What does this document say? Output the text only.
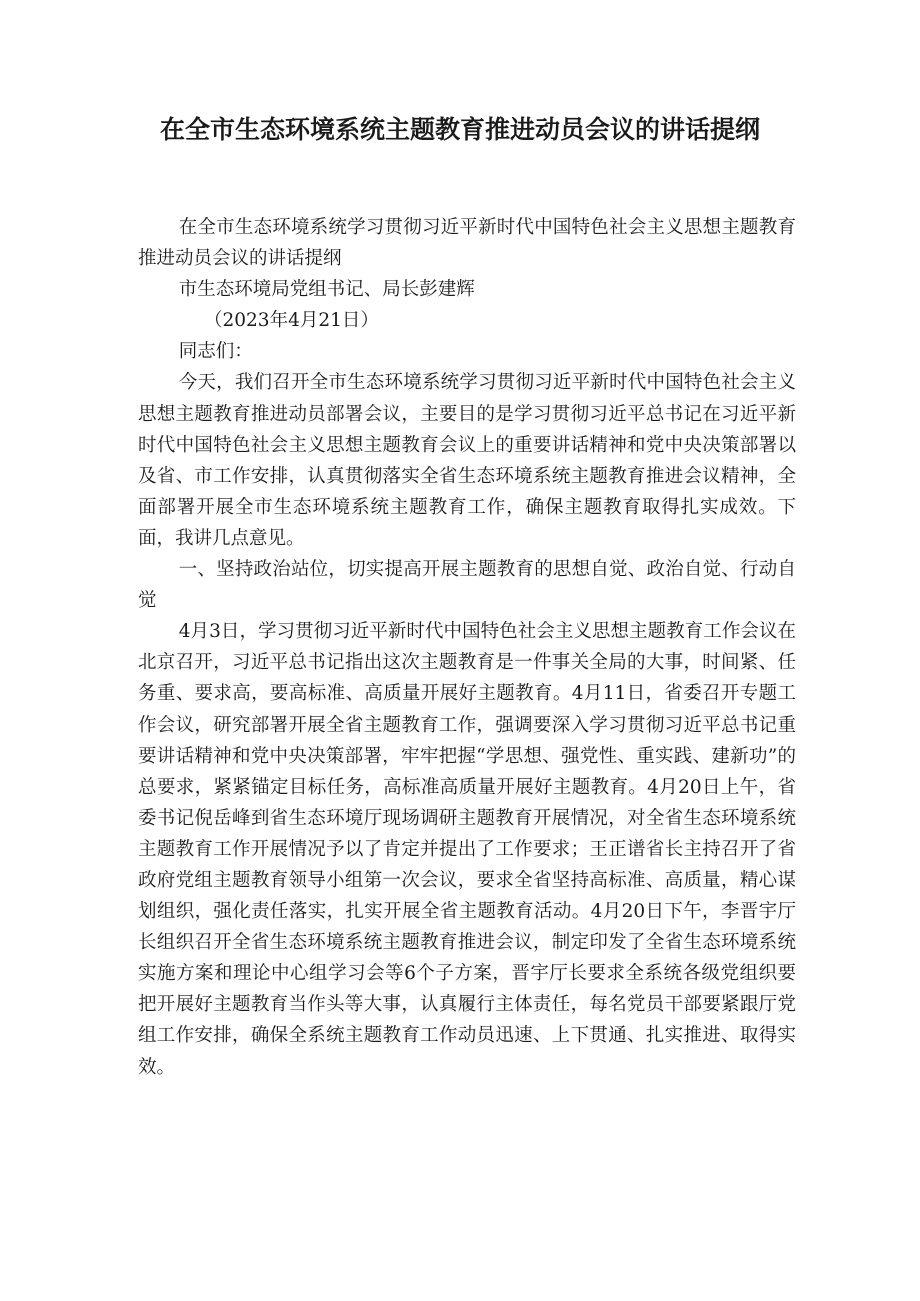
在全市生态环境系统主题教育推进动员会议的讲话提纲

在全市生态环境系统学习贯彻习近平新时代中国特色社会主义思想主题教育推进动员会议的讲话提纲

市生态环境局党组书记、局长彭建辉

（2023年4月21日）

同志们：

今天，我们召开全市生态环境系统学习贯彻习近平新时代中国特色社会主义思想主题教育推进动员部署会议，主要目的是学习贯彻习近平总书记在习近平新时代中国特色社会主义思想主题教育会议上的重要讲话精神和党中央决策部署以及省、市工作安排，认真贯彻落实全省生态环境系统主题教育推进会议精神，全面部署开展全市生态环境系统主题教育工作，确保主题教育取得扎实成效。下面，我讲几点意见。

一、坚持政治站位，切实提高开展主题教育的思想自觉、政治自觉、行动自觉

4月3日，学习贯彻习近平新时代中国特色社会主义思想主题教育工作会议在北京召开，习近平总书记指出这次主题教育是一件事关全局的大事，时间紧、任务重、要求高，要高标准、高质量开展好主题教育。4月11日，省委召开专题工作会议，研究部署开展全省主题教育工作，强调要深入学习贯彻习近平总书记重要讲话精神和党中央决策部署，牢牢把握“学思想、强党性、重实践、建新功”的总要求，紧紧锚定目标任务，高标准高质量开展好主题教育。4月20日上午，省委书记倪岳峰到省生态环境厅现场调研主题教育开展情况，对全省生态环境系统主题教育工作开展情况予以了肯定并提出了工作要求；王正谱省长主持召开了省政府党组主题教育领导小组第一次会议，要求全省坚持高标准、高质量，精心谋划组织，强化责任落实，扎实开展全省主题教育活动。4月20日下午，李晋宇厅长组织召开全省生态环境系统主题教育推进会议，制定印发了全省生态环境系统实施方案和理论中心组学习会等6个子方案，晋宇厅长要求全系统各级党组织要把开展好主题教育当作头等大事，认真履行主体责任，每名党员干部要紧跟厅党组工作安排，确保全系统主题教育工作动员迅速、上下贯通、扎实推进、取得实效。
